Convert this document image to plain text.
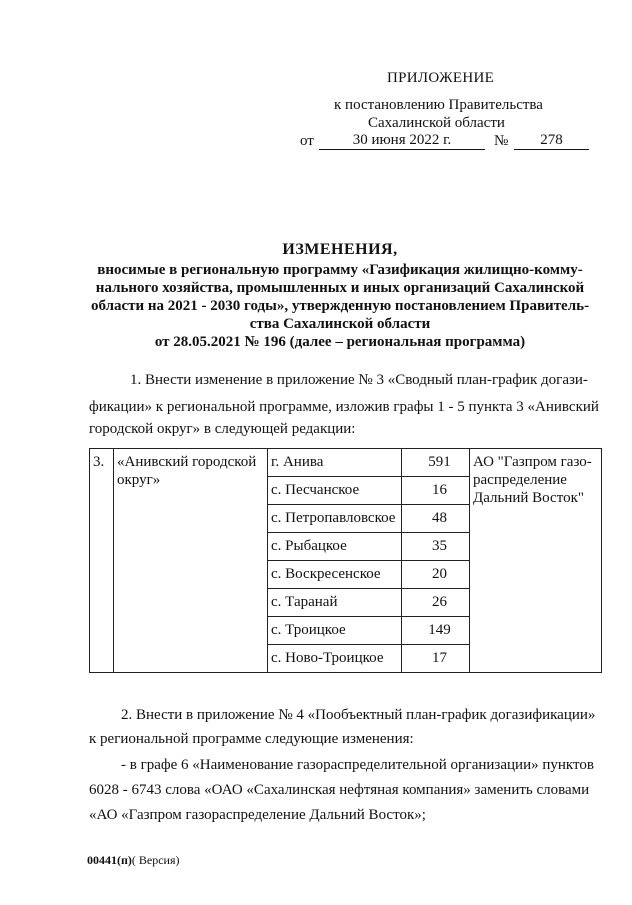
ПРИЛОЖЕНИЕ
к постановлению Правительства
Сахалинской области
от	30 июня 2022 г.	№	278
ИЗМЕНЕНИЯ,
вносимые в региональную программу «Газификация жилищно-комму-
нального хозяйства, промышленных и иных организаций Сахалинской
области на 2021 - 2030 годы», утвержденную постановлением Правитель-
ства Сахалинской области
от 28.05.2021 № 196 (далее – региональная программа)
1. Внести изменение в приложение № 3 «Сводный план-график догази-
фикации» к региональной программе, изложив графы 1 - 5 пункта 3 «Анивский
городской округ» в следующей редакции:
3.	«Анивский городской округ»	г. Анива	591	АО "Газпром газо-распределение Дальний Восток"
		с. Песчанское	16	
		с. Петропавловское	48	
		с. Рыбацкое	35	
		с. Воскресенское	20	
		с. Таранай	26	
		с. Троицкое	149	
		с. Ново-Троицкое	17	
2. Внести в приложение № 4 «Пообъектный план-график догазификации»
к региональной программе следующие изменения:
- в графе 6 «Наименование газораспределительной организации» пунктов
6028 - 6743 слова «ОАО «Сахалинская нефтяная компания» заменить словами
«АО «Газпром газораспределение Дальний Восток»;
00441(п)( Версия)
